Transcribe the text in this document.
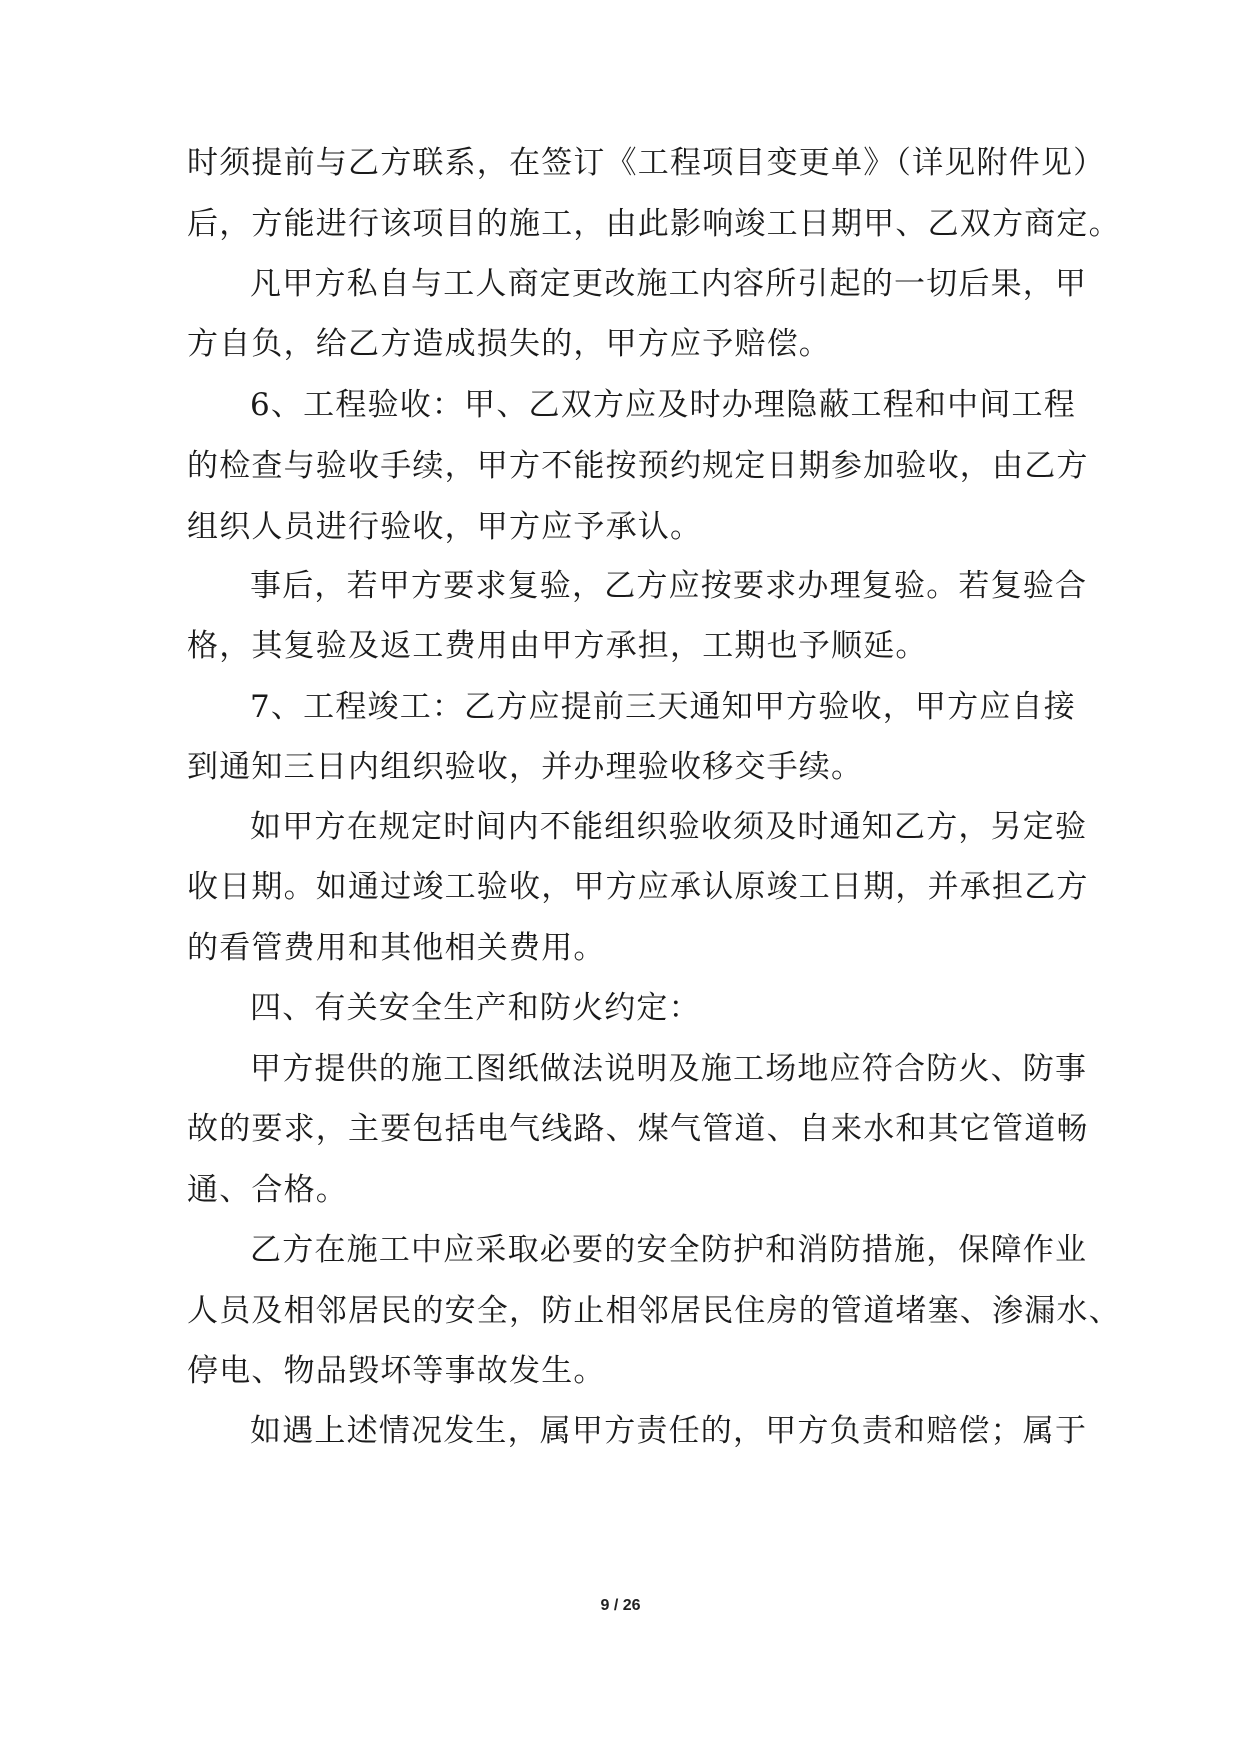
时须提前与乙方联系，在签订《工程项目变更单》（详见附件见）
后，方能进行该项目的施工，由此影响竣工日期甲、乙双方商定。
凡甲方私自与工人商定更改施工内容所引起的一切后果，甲
方自负，给乙方造成损失的，甲方应予赔偿。
6、工程验收：甲、乙双方应及时办理隐蔽工程和中间工程
的检查与验收手续，甲方不能按预约规定日期参加验收，由乙方
组织人员进行验收，甲方应予承认。
事后，若甲方要求复验，乙方应按要求办理复验。若复验合
格，其复验及返工费用由甲方承担，工期也予顺延。
7、工程竣工：乙方应提前三天通知甲方验收，甲方应自接
到通知三日内组织验收，并办理验收移交手续。
如甲方在规定时间内不能组织验收须及时通知乙方，另定验
收日期。如通过竣工验收，甲方应承认原竣工日期，并承担乙方
的看管费用和其他相关费用。
四、有关安全生产和防火约定：
甲方提供的施工图纸做法说明及施工场地应符合防火、防事
故的要求，主要包括电气线路、煤气管道、自来水和其它管道畅
通、合格。
乙方在施工中应采取必要的安全防护和消防措施，保障作业
人员及相邻居民的安全，防止相邻居民住房的管道堵塞、渗漏水、
停电、物品毁坏等事故发生。
如遇上述情况发生，属甲方责任的，甲方负责和赔偿；属于
9 / 26
